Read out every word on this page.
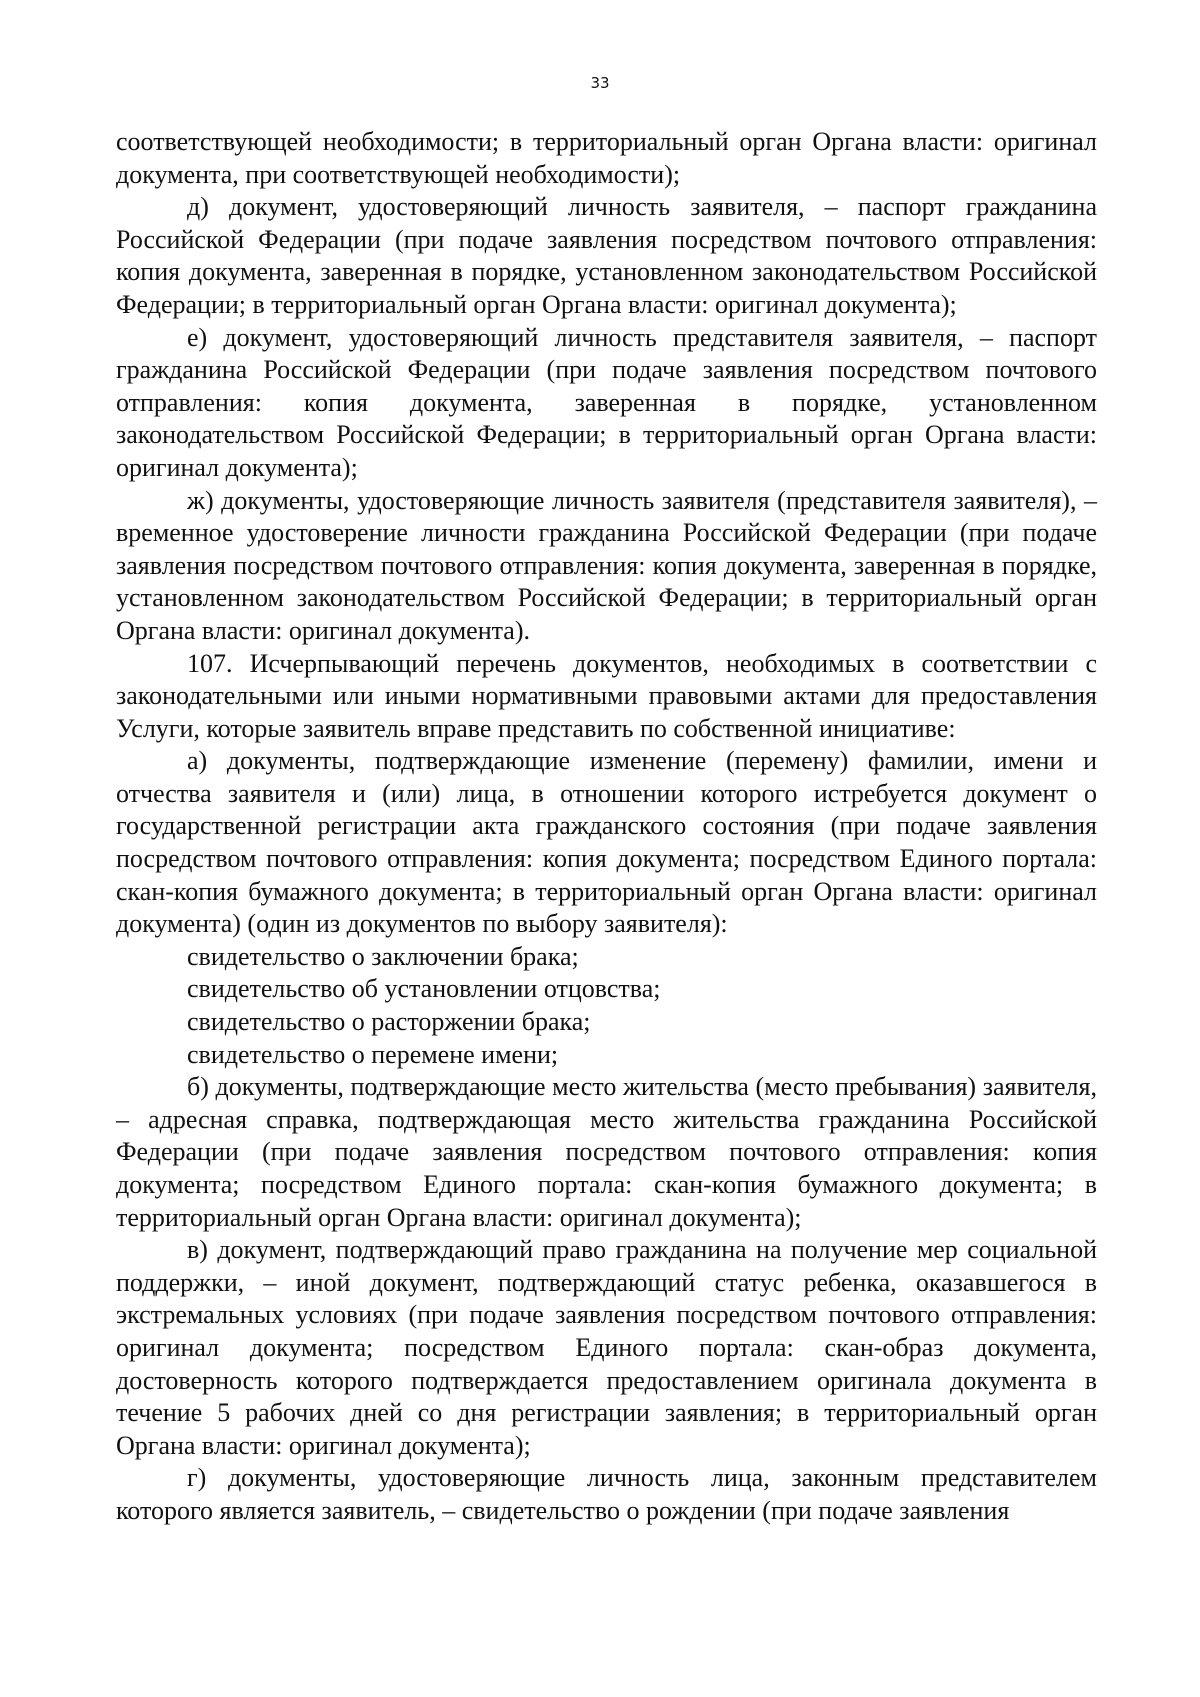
33

соответствующей необходимости; в территориальный орган Органа власти: оригинал документа, при соответствующей необходимости);

д) документ, удостоверяющий личность заявителя, – паспорт гражданина Российской Федерации (при подаче заявления посредством почтового отправления: копия документа, заверенная в порядке, установленном законодательством Российской Федерации; в территориальный орган Органа власти: оригинал документа);

е) документ, удостоверяющий личность представителя заявителя, – паспорт гражданина Российской Федерации (при подаче заявления посредством почтового отправления: копия документа, заверенная в порядке, установленном законодательством Российской Федерации; в территориальный орган Органа власти: оригинал документа);

ж) документы, удостоверяющие личность заявителя (представителя заявителя), – временное удостоверение личности гражданина Российской Федерации (при подаче заявления посредством почтового отправления: копия документа, заверенная в порядке, установленном законодательством Российской Федерации; в территориальный орган Органа власти: оригинал документа).

107. Исчерпывающий перечень документов, необходимых в соответствии с законодательными или иными нормативными правовыми актами для предоставления Услуги, которые заявитель вправе представить по собственной инициативе:

а) документы, подтверждающие изменение (перемену) фамилии, имени и отчества заявителя и (или) лица, в отношении которого истребуется документ о государственной регистрации акта гражданского состояния (при подаче заявления посредством почтового отправления: копия документа; посредством Единого портала: скан-копия бумажного документа; в территориальный орган Органа власти: оригинал документа) (один из документов по выбору заявителя):

свидетельство о заключении брака;

свидетельство об установлении отцовства;

свидетельство о расторжении брака;

свидетельство о перемене имени;

б) документы, подтверждающие место жительства (место пребывания) заявителя, – адресная справка, подтверждающая место жительства гражданина Российской Федерации (при подаче заявления посредством почтового отправления: копия документа; посредством Единого портала: скан-копия бумажного документа; в территориальный орган Органа власти: оригинал документа);

в) документ, подтверждающий право гражданина на получение мер социальной поддержки, – иной документ, подтверждающий статус ребенка, оказавшегося в экстремальных условиях (при подаче заявления посредством почтового отправления: оригинал документа; посредством Единого портала: скан-образ документа, достоверность которого подтверждается предоставлением оригинала документа в течение 5 рабочих дней со дня регистрации заявления; в территориальный орган Органа власти: оригинал документа);

г) документы, удостоверяющие личность лица, законным представителем которого является заявитель, – свидетельство о рождении (при подаче заявления
